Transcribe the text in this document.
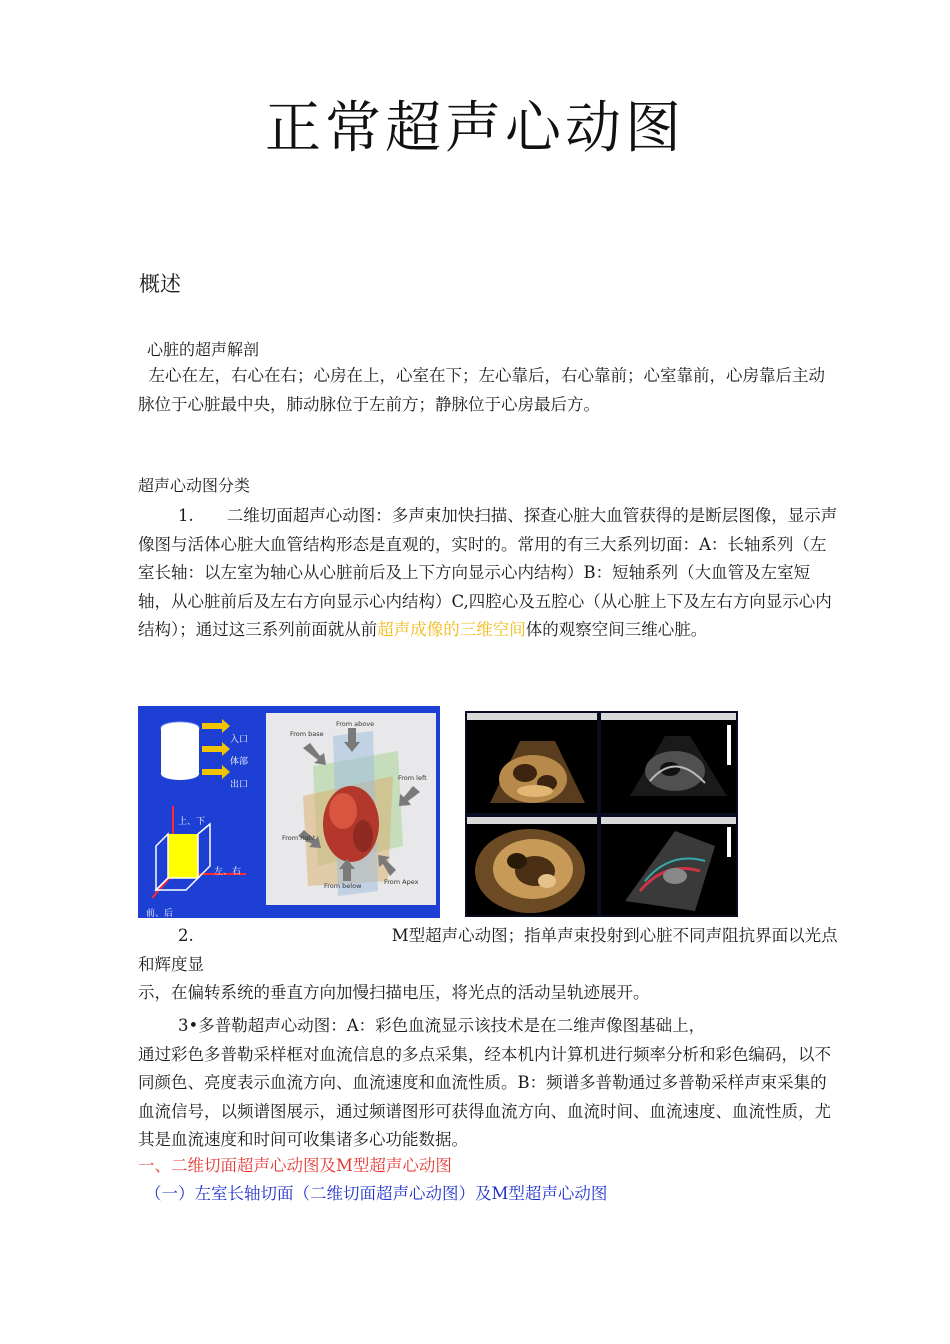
正常超声心动图
概述
心脏的超声解剖
左心在左，右心在右；心房在上，心室在下；左心靠后，右心靠前；心室靠前，心房靠后主动脉位于心脏最中央，肺动脉位于左前方；静脉位于心房最后方。
超声心动图分类
1.　　二维切面超声心动图：多声束加快扫描、探查心脏大血管获得的是断层图像，显示声像图与活体心脏大血管结构形态是直观的，实时的。常用的有三大系列切面：A：长轴系列（左室长轴：以左室为轴心从心脏前后及上下方向显示心内结构）B：短轴系列（大血管及左室短轴，从心脏前后及左右方向显示心内结构）C,四腔心及五腔心（从心脏上下及左右方向显示心内结构）；通过这三系列前面就从前超声成像的三维空间体的观察空间三维心脏。
入口
体部
出口
上、下
左、右
前、后
From above
From base
From left
From right
From below	From Apex
2.　　　　　　　　　　　　M型超声心动图；指单声束投射到心脏不同声阻抗界面以光点和辉度显
示，在偏转系统的垂直方向加慢扫描电压，将光点的活动呈轨迹展开。
3•多普勒超声心动图：A：彩色血流显示该技术是在二维声像图基础上，
通过彩色多普勒采样框对血流信息的多点采集，经本机内计算机进行频率分析和彩色编码，以不同颜色、亮度表示血流方向、血流速度和血流性质。B：频谱多普勒通过多普勒采样声束采集的血流信号，以频谱图展示，通过频谱图形可获得血流方向、血流时间、血流速度、血流性质，尤其是血流速度和时间可收集诸多心功能数据。
一、二维切面超声心动图及M型超声心动图
（一）左室长轴切面（二维切面超声心动图）及M型超声心动图
